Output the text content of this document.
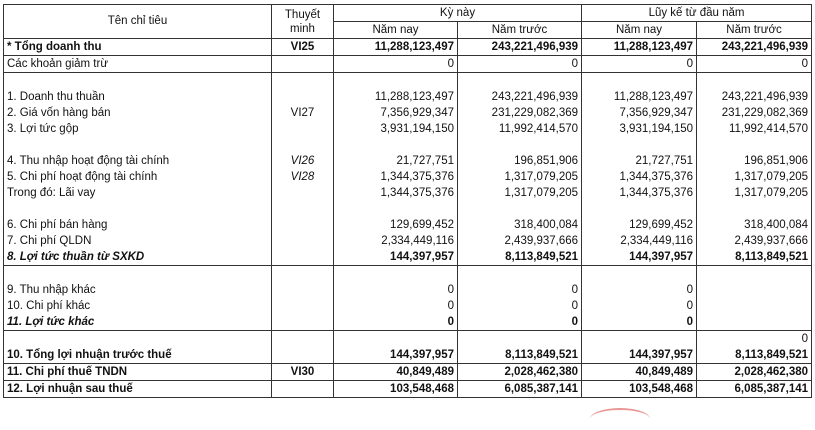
Tên chỉ tiêu	Thuyết minh	Kỳ này		Lũy kế từ đầu năm	
		Năm nay	Năm trước	Năm nay	Năm trước
* Tổng doanh thu	VI25	11,288,123,497	243,221,496,939	11,288,123,497	243,221,496,939
Các khoản giảm trừ		0	0	0	0

1. Doanh thu thuần		11,288,123,497	243,221,496,939	11,288,123,497	243,221,496,939
2. Giá vốn hàng bán	VI27	7,356,929,347	231,229,082,369	7,356,929,347	231,229,082,369
3. Lợi tức gộp		3,931,194,150	11,992,414,570	3,931,194,150	11,992,414,570

4. Thu nhập hoạt động tài chính	VI26	21,727,751	196,851,906	21,727,751	196,851,906
5. Chi phí hoạt động tài chính	VI28	1,344,375,376	1,317,079,205	1,344,375,376	1,317,079,205
Trong đó: Lãi vay		1,344,375,376	1,317,079,205	1,344,375,376	1,317,079,205

6. Chi phí bán hàng		129,699,452	318,400,084	129,699,452	318,400,084
7. Chi phí QLDN		2,334,449,116	2,439,937,666	2,334,449,116	2,439,937,666
8. Lợi tức thuần từ SXKD		144,397,957	8,113,849,521	144,397,957	8,113,849,521

9. Thu nhập khác		0	0	0	
10. Chi phí khác		0	0	0	
11. Lợi tức khác		0	0	0	
					0
10. Tổng lợi nhuận trước thuế		144,397,957	8,113,849,521	144,397,957	8,113,849,521
11. Chi phí thuế TNDN	VI30	40,849,489	2,028,462,380	40,849,489	2,028,462,380
12. Lợi nhuận sau thuế		103,548,468	6,085,387,141	103,548,468	6,085,387,141
